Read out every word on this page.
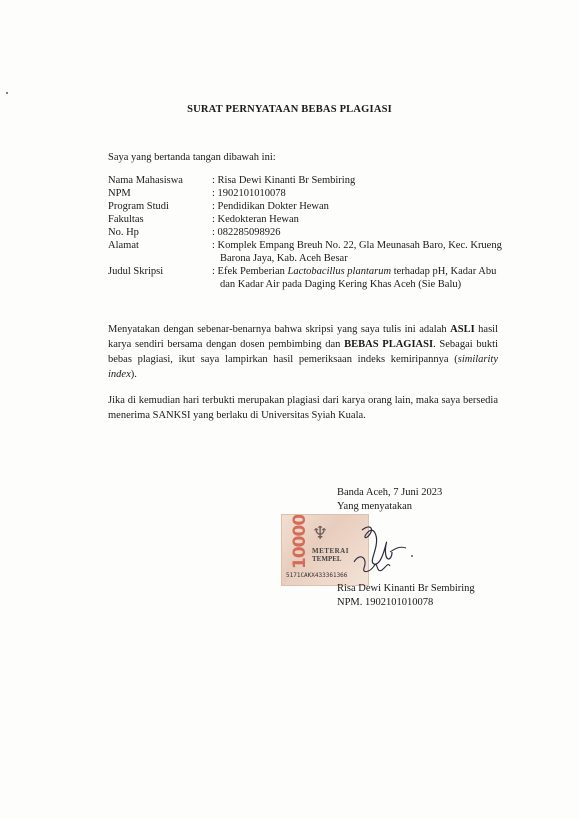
SURAT PERNYATAAN BEBAS PLAGIASI
Saya yang bertanda tangan dibawah ini:
Nama Mahasiswa	: Risa Dewi Kinanti Br Sembiring
NPM	: 1902101010078
Program Studi	: Pendidikan Dokter Hewan
Fakultas	: Kedokteran Hewan
No. Hp	: 082285098926
Alamat	: Komplek Empang Breuh No. 22, Gla Meunasah Baro, Kec. Krueng Barona Jaya, Kab. Aceh Besar
Judul Skripsi	: Efek Pemberian Lactobacillus plantarum terhadap pH, Kadar Abu dan Kadar Air pada Daging Kering Khas Aceh (Sie Balu)
Menyatakan dengan sebenar-benarnya bahwa skripsi yang saya tulis ini adalah ASLI hasil karya sendiri bersama dengan dosen pembimbing dan BEBAS PLAGIASI. Sebagai bukti bebas plagiasi, ikut saya lampirkan hasil pemeriksaan indeks kemiripannya (similarity index).
Jika di kemudian hari terbukti merupakan plagiasi dari karya orang lain, maka saya bersedia menerima SANKSI yang berlaku di Universitas Syiah Kuala.
Banda Aceh, 7 Juni 2023
Yang menyatakan
10000 ♆
METERAI
TEMPEL
5171CAKX433361366
Risa Dewi Kinanti Br Sembiring
NPM. 1902101010078
